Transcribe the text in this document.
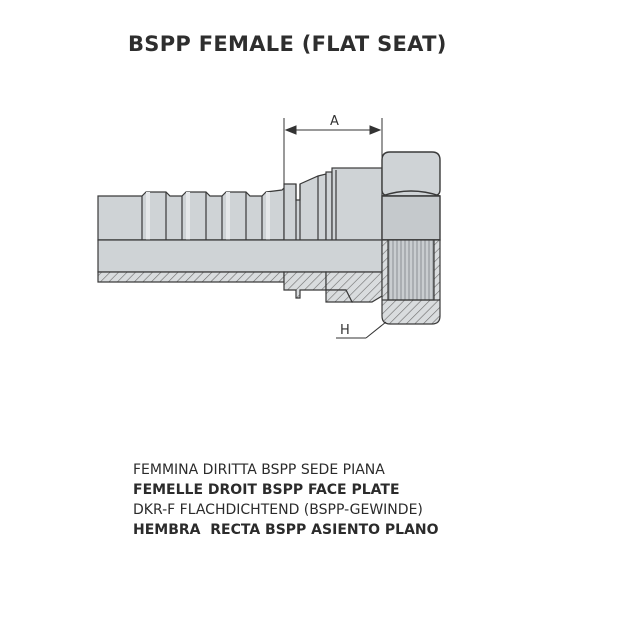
BSPP FEMALE (FLAT SEAT)
A
H
FEMMINA DIRITTA BSPP SEDE PIANA
FEMELLE DROIT BSPP FACE PLATE
DKR-F FLACHDICHTEND (BSPP-GEWINDE)
HEMBRA  RECTA BSPP ASIENTO PLANO
